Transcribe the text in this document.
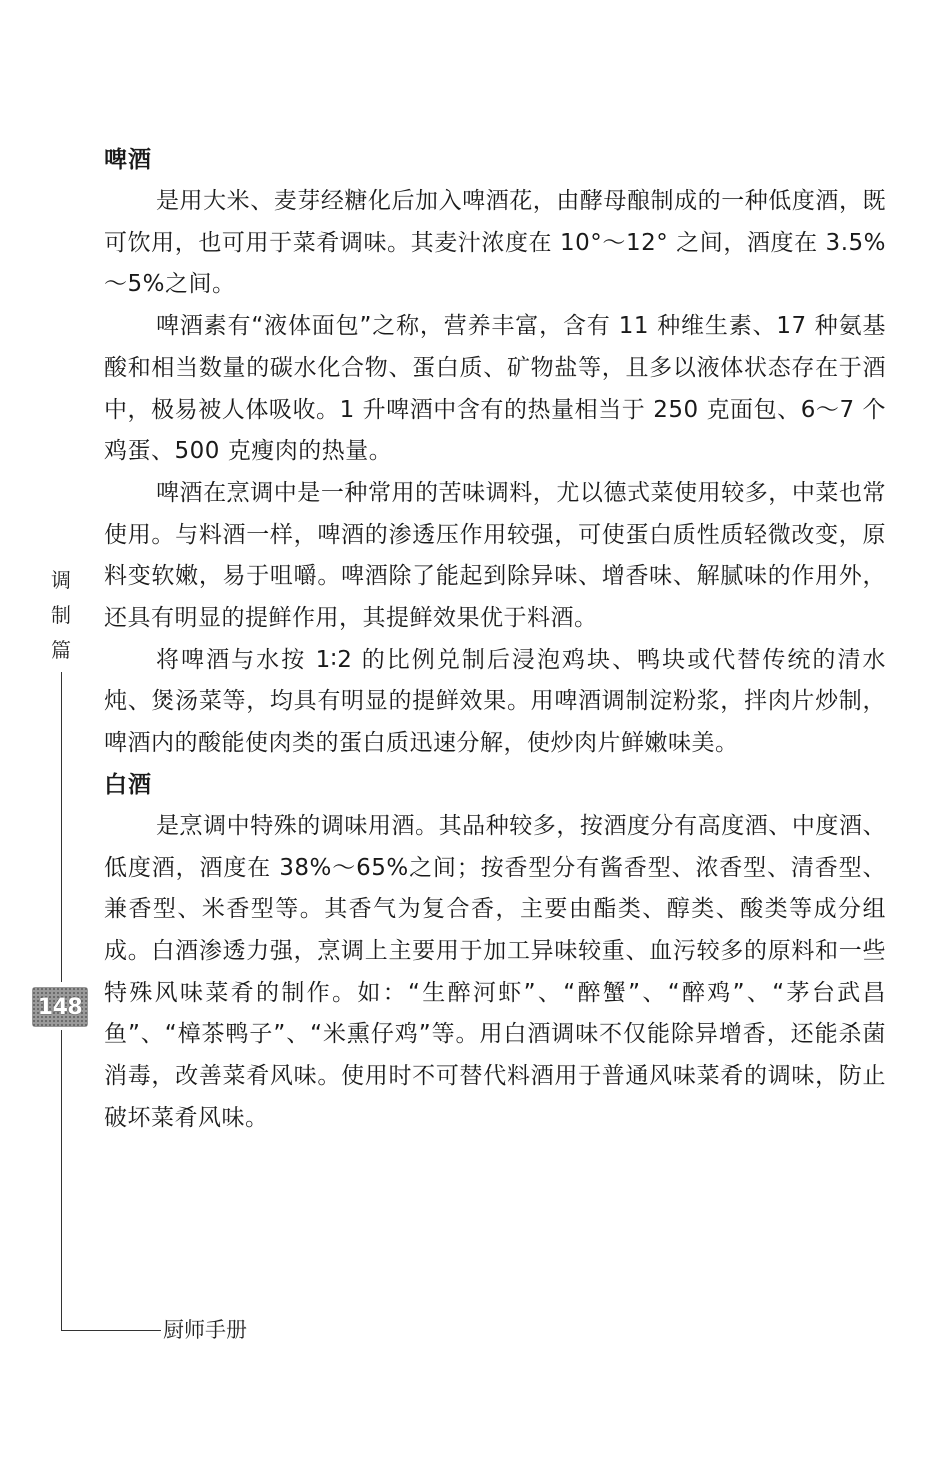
啤酒

是用大米、麦芽经糖化后加入啤酒花，由酵母酿制成的一种低度酒，既可饮用，也可用于菜肴调味。其麦汁浓度在 10°～12° 之间，酒度在 3.5%～5%之间。

啤酒素有“液体面包”之称，营养丰富，含有 11 种维生素、17 种氨基酸和相当数量的碳水化合物、蛋白质、矿物盐等，且多以液体状态存在于酒中，极易被人体吸收。1 升啤酒中含有的热量相当于 250 克面包、6～7 个鸡蛋、500 克瘦肉的热量。

啤酒在烹调中是一种常用的苦味调料，尤以德式菜使用较多，中菜也常使用。与料酒一样，啤酒的渗透压作用较强，可使蛋白质性质轻微改变，原料变软嫩，易于咀嚼。啤酒除了能起到除异味、增香味、解腻味的作用外，还具有明显的提鲜作用，其提鲜效果优于料酒。

将啤酒与水按 1∶2 的比例兑制后浸泡鸡块、鸭块或代替传统的清水炖、煲汤菜等，均具有明显的提鲜效果。用啤酒调制淀粉浆，拌肉片炒制，啤酒内的酸能使肉类的蛋白质迅速分解，使炒肉片鲜嫩味美。

白酒

是烹调中特殊的调味用酒。其品种较多，按酒度分有高度酒、中度酒、低度酒，酒度在 38%～65%之间；按香型分有酱香型、浓香型、清香型、兼香型、米香型等。其香气为复合香，主要由酯类、醇类、酸类等成分组成。白酒渗透力强，烹调上主要用于加工异味较重、血污较多的原料和一些特殊风味菜肴的制作。如：“生醉河虾”、“醉蟹”、“醉鸡”、“茅台武昌鱼”、“樟茶鸭子”、“米熏仔鸡”等。用白酒调味不仅能除异增香，还能杀菌消毒，改善菜肴风味。使用时不可替代料酒用于普通风味菜肴的调味，防止破坏菜肴风味。

调
制
篇
148
厨师手册
